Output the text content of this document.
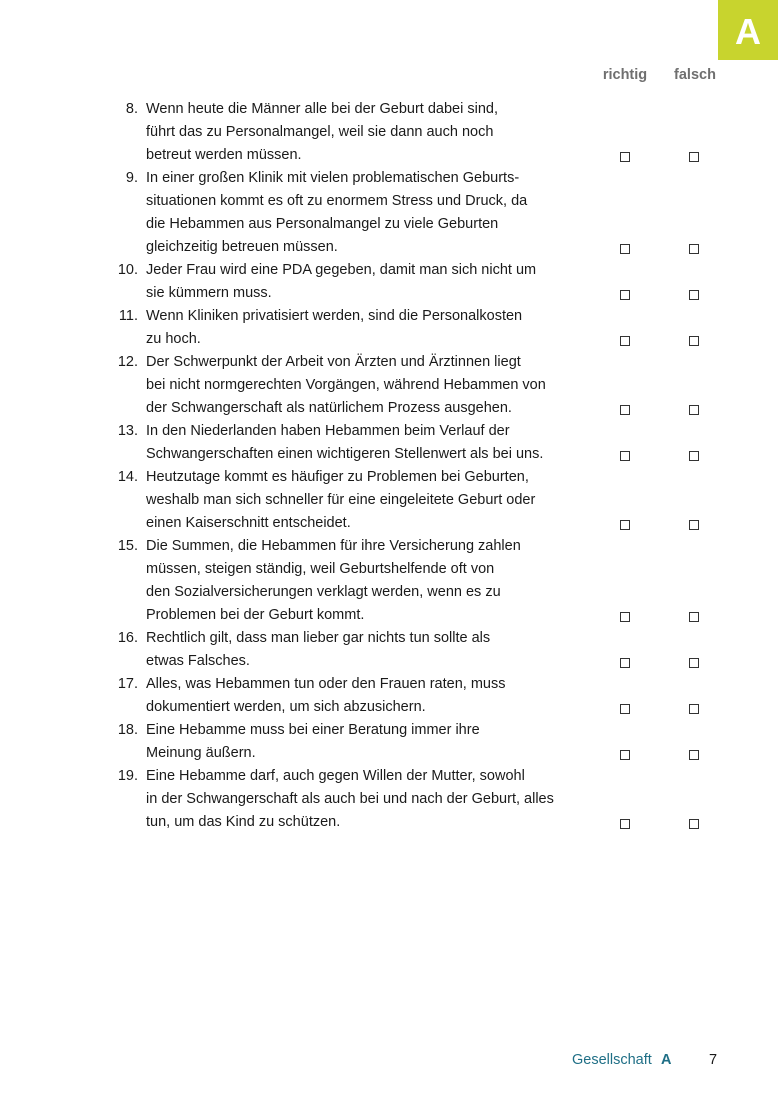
A
richtig falsch
8. Wenn heute die Männer alle bei der Geburt dabei sind,
führt das zu Personalmangel, weil sie dann auch noch
betreut werden müssen.
9. In einer großen Klinik mit vielen problematischen Geburts-
situationen kommt es oft zu enormem Stress und Druck, da
die Hebammen aus Personalmangel zu viele Geburten
gleichzeitig betreuen müssen.
10. Jeder Frau wird eine PDA gegeben, damit man sich nicht um
sie kümmern muss.
11. Wenn Kliniken privatisiert werden, sind die Personalkosten
zu hoch.
12. Der Schwerpunkt der Arbeit von Ärzten und Ärztinnen liegt
bei nicht normgerechten Vorgängen, während Hebammen von
der Schwangerschaft als natürlichem Prozess ausgehen.
13. In den Niederlanden haben Hebammen beim Verlauf der
Schwangerschaften einen wichtigeren Stellenwert als bei uns.
14. Heutzutage kommt es häufiger zu Problemen bei Geburten,
weshalb man sich schneller für eine eingeleitete Geburt oder
einen Kaiserschnitt entscheidet.
15. Die Summen, die Hebammen für ihre Versicherung zahlen
müssen, steigen ständig, weil Geburtshelfende oft von
den Sozialversicherungen verklagt werden, wenn es zu
Problemen bei der Geburt kommt.
16. Rechtlich gilt, dass man lieber gar nichts tun sollte als
etwas Falsches.
17. Alles, was Hebammen tun oder den Frauen raten, muss
dokumentiert werden, um sich abzusichern.
18. Eine Hebamme muss bei einer Beratung immer ihre
Meinung äußern.
19. Eine Hebamme darf, auch gegen Willen der Mutter, sowohl
in der Schwangerschaft als auch bei und nach der Geburt, alles
tun, um das Kind zu schützen.
Gesellschaft A	7
